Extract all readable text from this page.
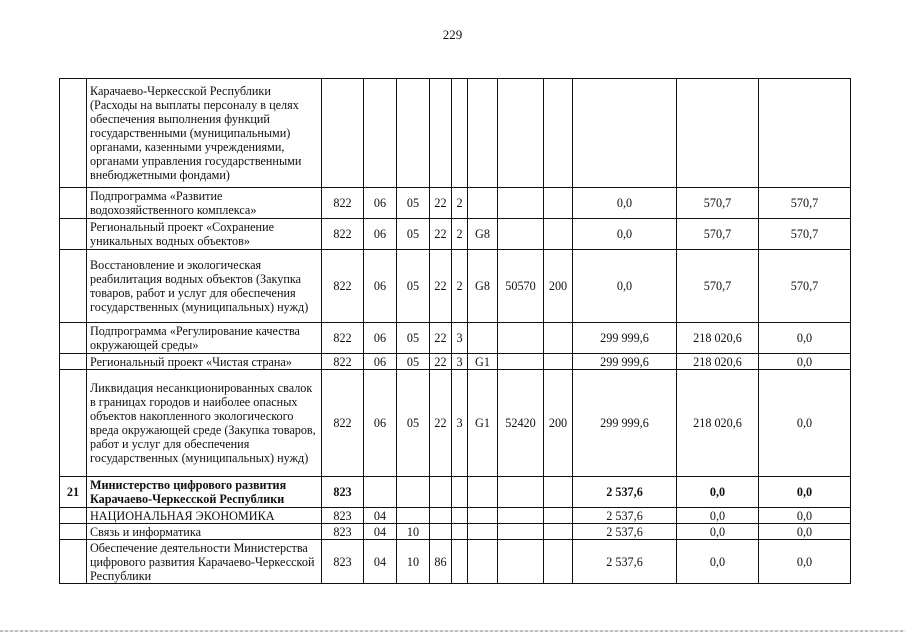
229
	Карачаево-Черкесской Республики (Расходы на выплаты персоналу в целях обеспечения выполнения функций государственными (муниципальными) органами, казенными учреждениями, органами управления государственными внебюджетными фондами)											
	Подпрограмма «Развитие водохозяйственного комплекса»	822	06	05	22	2				0,0	570,7	570,7
	Региональный проект «Сохранение уникальных водных объектов»	822	06	05	22	2	G8			0,0	570,7	570,7
	Восстановление и экологическая реабилитация водных объектов (Закупка товаров, работ и услуг для обеспечения государственных (муниципальных) нужд)	822	06	05	22	2	G8	50570	200	0,0	570,7	570,7
	Подпрограмма «Регулирование качества окружающей среды»	822	06	05	22	3				299 999,6	218 020,6	0,0
	Региональный проект «Чистая страна»	822	06	05	22	3	G1			299 999,6	218 020,6	0,0
	Ликвидация несанкционированных свалок в границах городов и наиболее опасных объектов накопленного экологического вреда окружающей среде (Закупка товаров, работ и услуг для обеспечения государственных (муниципальных) нужд)	822	06	05	22	3	G1	52420	200	299 999,6	218 020,6	0,0
21	Министерство цифрового развития Карачаево-Черкесской Республики	823								2 537,6	0,0	0,0
	НАЦИОНАЛЬНАЯ ЭКОНОМИКА	823	04							2 537,6	0,0	0,0
	Связь и информатика	823	04	10						2 537,6	0,0	0,0
	Обеспечение деятельности Министерства цифрового развития Карачаево-Черкесской Республики	823	04	10	86					2 537,6	0,0	0,0
